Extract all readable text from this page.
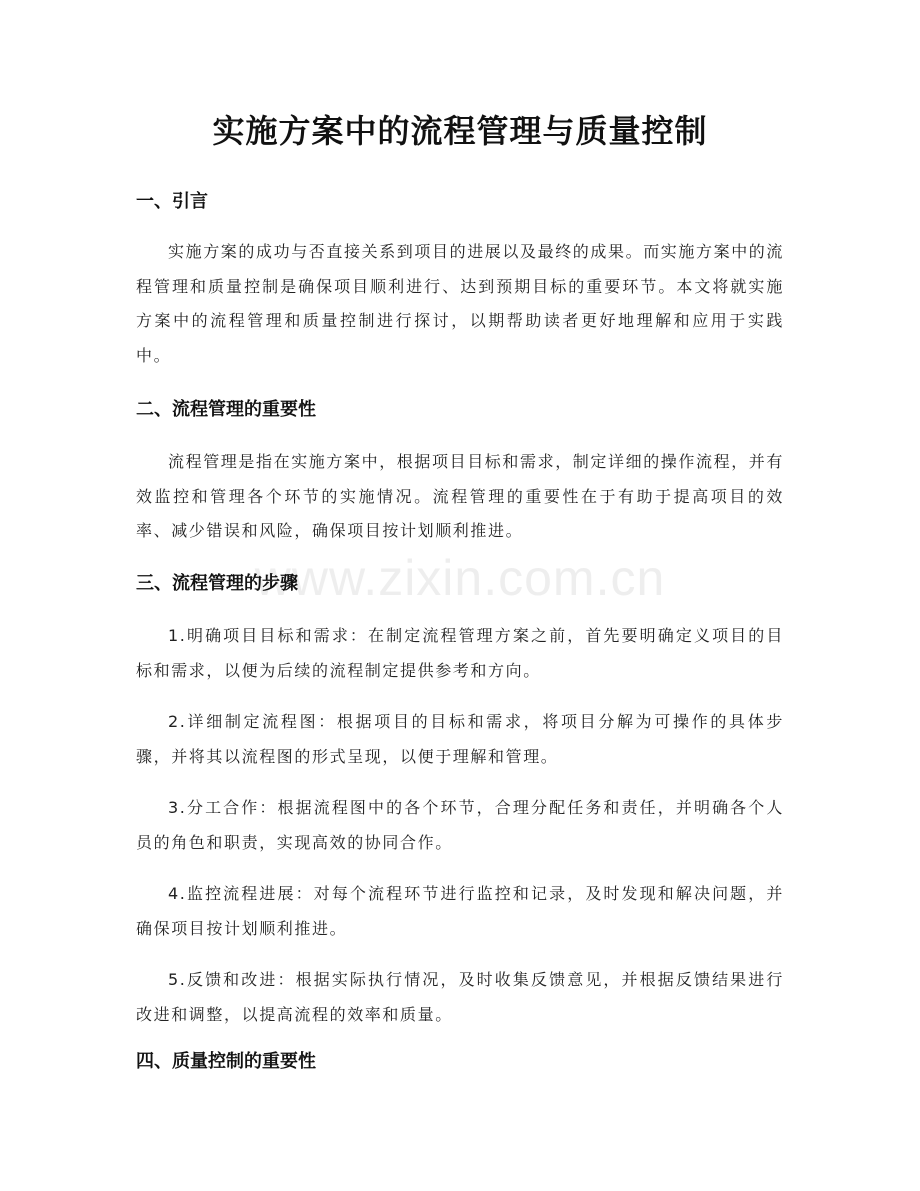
www.zixin.com.cn
实施方案中的流程管理与质量控制
一、引言

实施方案的成功与否直接关系到项目的进展以及最终的成果。而实施方案中的流程管理和质量控制是确保项目顺利进行、达到预期目标的重要环节。本文将就实施方案中的流程管理和质量控制进行探讨，以期帮助读者更好地理解和应用于实践中。

二、流程管理的重要性

流程管理是指在实施方案中，根据项目目标和需求，制定详细的操作流程，并有效监控和管理各个环节的实施情况。流程管理的重要性在于有助于提高项目的效率、减少错误和风险，确保项目按计划顺利推进。

三、流程管理的步骤

1.明确项目目标和需求：在制定流程管理方案之前，首先要明确定义项目的目标和需求，以便为后续的流程制定提供参考和方向。

2.详细制定流程图：根据项目的目标和需求，将项目分解为可操作的具体步骤，并将其以流程图的形式呈现，以便于理解和管理。

3.分工合作：根据流程图中的各个环节，合理分配任务和责任，并明确各个人员的角色和职责，实现高效的协同合作。

4.监控流程进展：对每个流程环节进行监控和记录，及时发现和解决问题，并确保项目按计划顺利推进。

5.反馈和改进：根据实际执行情况，及时收集反馈意见，并根据反馈结果进行改进和调整，以提高流程的效率和质量。

四、质量控制的重要性
